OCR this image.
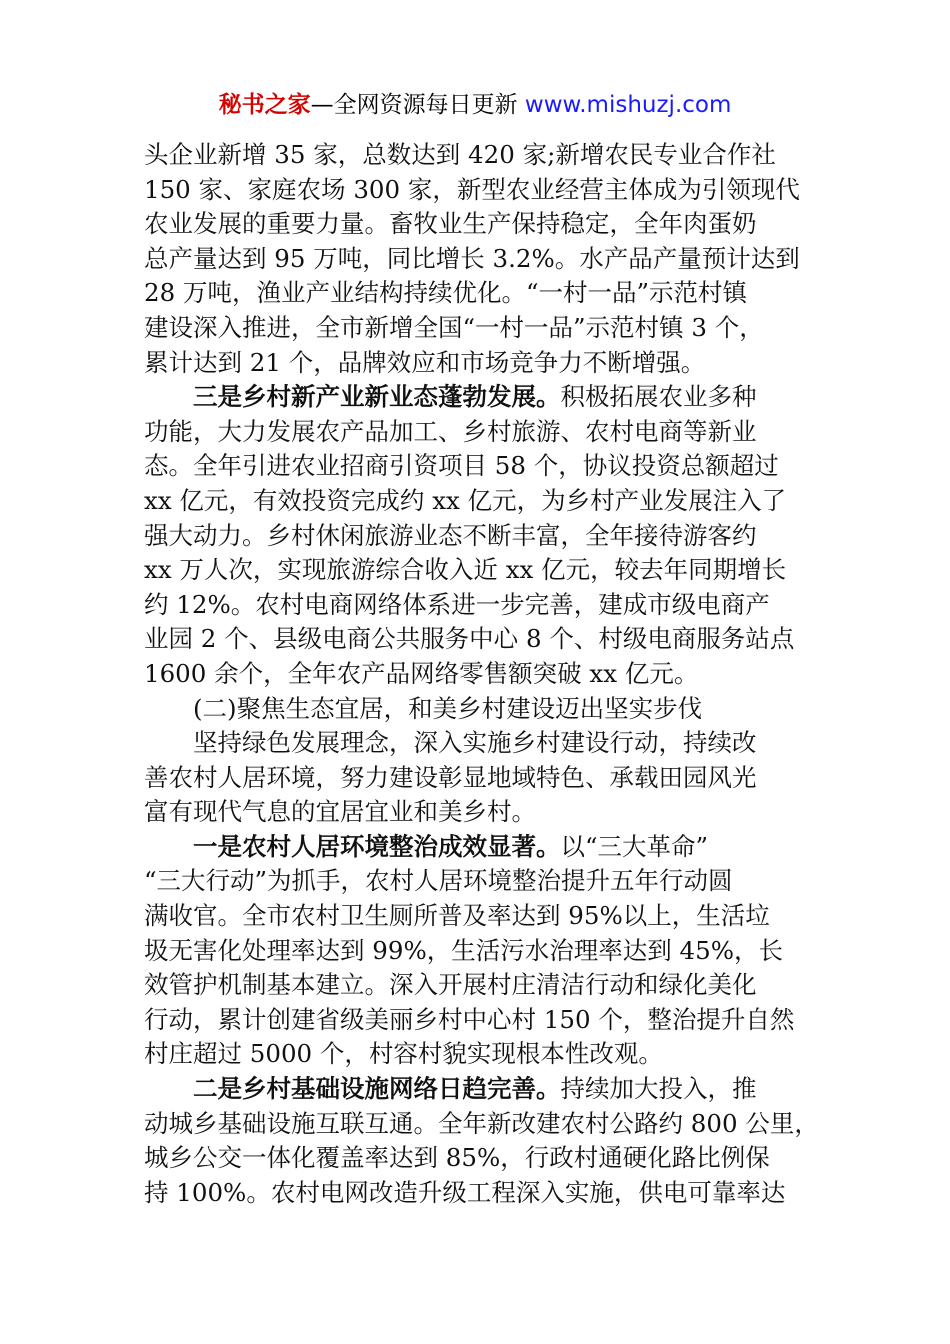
秘书之家—全网资源每日更新 www.mishuzj.com
头企业新增 35 家，总数达到 420 家;新增农民专业合作社
150 家、家庭农场 300 家，新型农业经营主体成为引领现代
农业发展的重要力量。畜牧业生产保持稳定，全年肉蛋奶
总产量达到 95 万吨，同比增长 3.2%。水产品产量预计达到
28 万吨，渔业产业结构持续优化。“一村一品”示范村镇
建设深入推进，全市新增全国“一村一品”示范村镇 3 个，
累计达到 21 个，品牌效应和市场竞争力不断增强。
三是乡村新产业新业态蓬勃发展。积极拓展农业多种
功能，大力发展农产品加工、乡村旅游、农村电商等新业
态。全年引进农业招商引资项目 58 个，协议投资总额超过
xx 亿元，有效投资完成约 xx 亿元，为乡村产业发展注入了
强大动力。乡村休闲旅游业态不断丰富，全年接待游客约
xx 万人次，实现旅游综合收入近 xx 亿元，较去年同期增长
约 12%。农村电商网络体系进一步完善，建成市级电商产
业园 2 个、县级电商公共服务中心 8 个、村级电商服务站点
1600 余个，全年农产品网络零售额突破 xx 亿元。
(二)聚焦生态宜居，和美乡村建设迈出坚实步伐
坚持绿色发展理念，深入实施乡村建设行动，持续改
善农村人居环境，努力建设彰显地域特色、承载田园风光
富有现代气息的宜居宜业和美乡村。
一是农村人居环境整治成效显著。以“三大革命”
“三大行动”为抓手，农村人居环境整治提升五年行动圆
满收官。全市农村卫生厕所普及率达到 95%以上，生活垃
圾无害化处理率达到 99%，生活污水治理率达到 45%，长
效管护机制基本建立。深入开展村庄清洁行动和绿化美化
行动，累计创建省级美丽乡村中心村 150 个，整治提升自然
村庄超过 5000 个，村容村貌实现根本性改观。
二是乡村基础设施网络日趋完善。持续加大投入，推
动城乡基础设施互联互通。全年新改建农村公路约 800 公里，
城乡公交一体化覆盖率达到 85%，行政村通硬化路比例保
持 100%。农村电网改造升级工程深入实施，供电可靠率达
